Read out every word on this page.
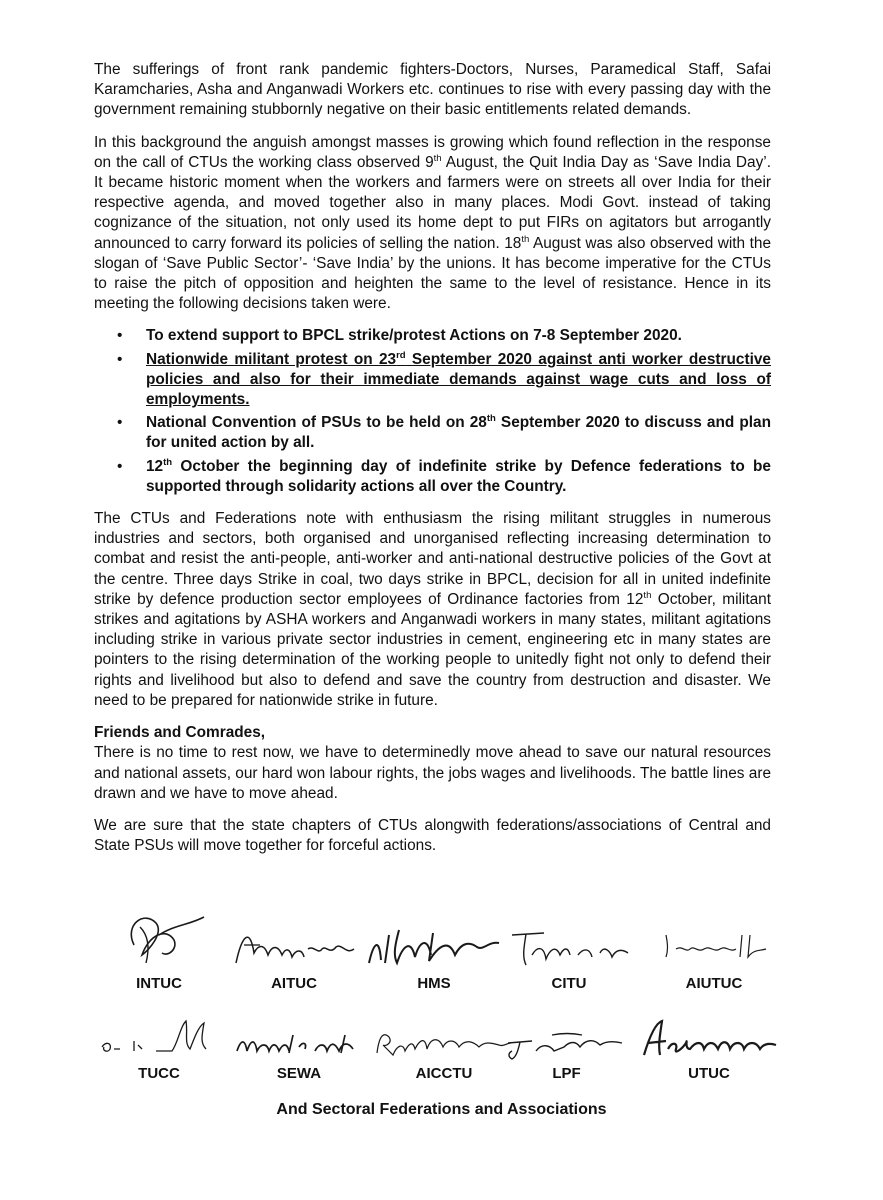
The sufferings of front rank pandemic fighters-Doctors, Nurses, Paramedical Staff, Safai Karamcharies, Asha and Anganwadi Workers etc. continues to rise with every passing day with the government remaining stubbornly negative on their basic entitlements related demands.

In this background the anguish amongst masses is growing which found reflection in the response on the call of CTUs the working class observed 9th August, the Quit India Day as ‘Save India Day’. It became historic moment when the workers and farmers were on streets all over India for their respective agenda, and moved together also in many places. Modi Govt. instead of taking cognizance of the situation, not only used its home dept to put FIRs on agitators but arrogantly announced to carry forward its policies of selling the nation. 18th August was also observed with the slogan of ‘Save Public Sector’- ‘Save India’ by the unions. It has become imperative for the CTUs to raise the pitch of opposition and heighten the same to the level of resistance. Hence in its meeting the following decisions taken were.

• To extend support to BPCL strike/protest Actions on 7-8 September 2020.
• Nationwide militant protest on 23rd September 2020 against anti worker destructive policies and also for their immediate demands against wage cuts and loss of employments.
• National Convention of PSUs to be held on 28th September 2020 to discuss and plan for united action by all.
• 12th October the beginning day of indefinite strike by Defence federations to be supported through solidarity actions all over the Country.

The CTUs and Federations note with enthusiasm the rising militant struggles in numerous industries and sectors, both organised and unorganised reflecting increasing determination to combat and resist the anti-people, anti-worker and anti-national destructive policies of the Govt at the centre. Three days Strike in coal, two days strike in BPCL, decision for all in united indefinite strike by defence production sector employees of Ordinance factories from 12th October, militant strikes and agitations by ASHA workers and Anganwadi workers in many states, militant agitations including strike in various private sector industries in cement, engineering etc in many states are pointers to the rising determination of the working people to unitedly fight not only to defend their rights and livelihood but also to defend and save the country from destruction and disaster. We need to be prepared for nationwide strike in future.

Friends and Comrades,

There is no time to rest now, we have to determinedly move ahead to save our natural resources and national assets, our hard won labour rights, the jobs wages and livelihoods. The battle lines are drawn and we have to move ahead.

We are sure that the state chapters of CTUs alongwith federations/associations of Central and State PSUs will move together for forceful actions.

INTUC	AITUC	HMS	CITU	AIUTUC
TUCC	SEWA	AICCTU	LPF	UTUC
And Sectoral Federations and Associations
